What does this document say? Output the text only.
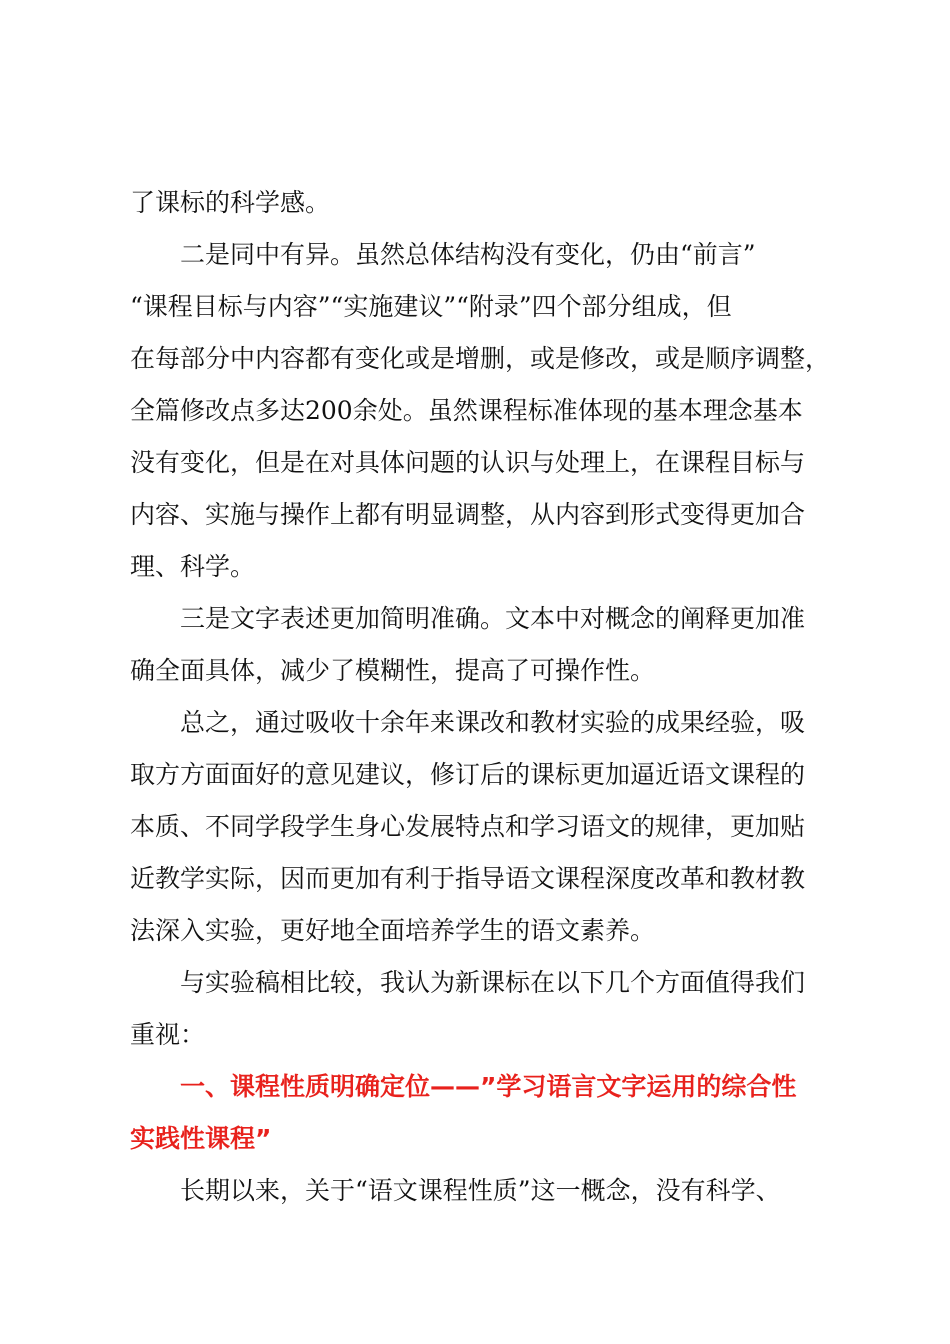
了课标的科学感。

二是同中有异。虽然总体结构没有变化，仍由“前言”

“课程目标与内容”“实施建议”“附录”四个部分组成，但

在每部分中内容都有变化或是增删，或是修改，或是顺序调整，

全篇修改点多达200余处。虽然课程标准体现的基本理念基本

没有变化，但是在对具体问题的认识与处理上，在课程目标与

内容、实施与操作上都有明显调整，从内容到形式变得更加合

理、科学。

三是文字表述更加简明准确。文本中对概念的阐释更加准

确全面具体，减少了模糊性，提高了可操作性。

总之，通过吸收十余年来课改和教材实验的成果经验，吸

取方方面面好的意见建议，修订后的课标更加逼近语文课程的

本质、不同学段学生身心发展特点和学习语文的规律，更加贴

近教学实际，因而更加有利于指导语文课程深度改革和教材教

法深入实验，更好地全面培养学生的语文素养。

与实验稿相比较，我认为新课标在以下几个方面值得我们

重视：

一、课程性质明确定位——”学习语言文字运用的综合性

实践性课程”

长期以来，关于“语文课程性质”这一概念，没有科学、
